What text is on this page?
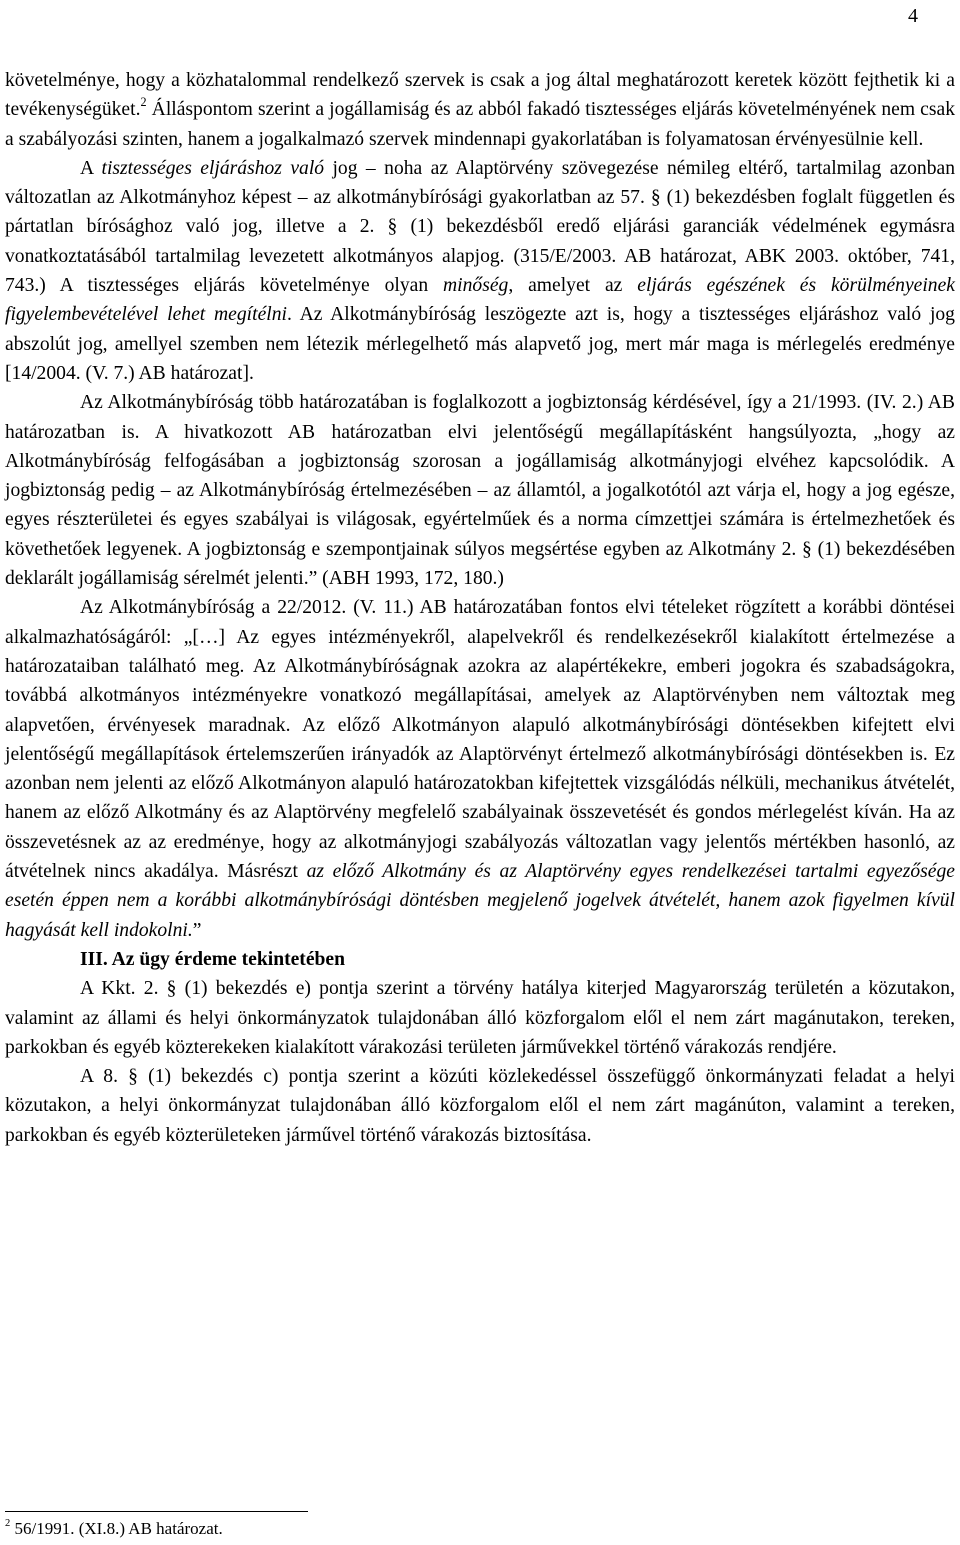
4

követelménye, hogy a közhatalommal rendelkező szervek is csak a jog által meghatározott keretek között fejthetik ki a tevékenységüket.$^2$ Álláspontom szerint a jogállamiság és az abból fakadó tisztességes eljárás követelményének nem csak a szabályozási szinten, hanem a jogalkalmazó szervek mindennapi gyakorlatában is folyamatosan érvényesülnie kell.

A tisztességes eljáráshoz való jog – noha az Alaptörvény szövegezése némileg eltérő, tartalmilag azonban változatlan az Alkotmányhoz képest – az alkotmánybírósági gyakorlatban az 57. § (1) bekezdésben foglalt független és pártatlan bírósághoz való jog, illetve a 2. § (1) bekezdésből eredő eljárási garanciák védelmének egymásra vonatkoztatásából tartalmilag levezetett alkotmányos alapjog. (315/E/2003. AB határozat, ABK 2003. október, 741, 743.) A tisztességes eljárás követelménye olyan minőség, amelyet az eljárás egészének és körülményeinek figyelembevételével lehet megítélni. Az Alkotmánybíróság leszögezte azt is, hogy a tisztességes eljáráshoz való jog abszolút jog, amellyel szemben nem létezik mérlegelhető más alapvető jog, mert már maga is mérlegelés eredménye [14/2004. (V. 7.) AB határozat].

Az Alkotmánybíróság több határozatában is foglalkozott a jogbiztonság kérdésével, így a 21/1993. (IV. 2.) AB határozatban is. A hivatkozott AB határozatban elvi jelentőségű megállapításként hangsúlyozta, „hogy az Alkotmánybíróság felfogásában a jogbiztonság szorosan a jogállamiság alkotmányjogi elvéhez kapcsolódik. A jogbiztonság pedig – az Alkotmánybíróság értelmezésében – az államtól, a jogalkotótól azt várja el, hogy a jog egésze, egyes részterületei és egyes szabályai is világosak, egyértelműek és a norma címzettjei számára is értelmezhetőek és követhetőek legyenek. A jogbiztonság e szempontjainak súlyos megsértése egyben az Alkotmány 2. § (1) bekezdésében deklarált jogállamiság sérelmét jelenti.” (ABH 1993, 172, 180.)

Az Alkotmánybíróság a 22/2012. (V. 11.) AB határozatában fontos elvi tételeket rögzített a korábbi döntései alkalmazhatóságáról: „[…] Az egyes intézményekről, alapelvekről és rendelkezésekről kialakított értelmezése a határozataiban található meg. Az Alkotmánybíróságnak azokra az alapértékekre, emberi jogokra és szabadságokra, továbbá alkotmányos intézményekre vonatkozó megállapításai, amelyek az Alaptörvényben nem változtak meg alapvetően, érvényesek maradnak. Az előző Alkotmányon alapuló alkotmánybírósági döntésekben kifejtett elvi jelentőségű megállapítások értelemszerűen irányadók az Alaptörvényt értelmező alkotmánybírósági döntésekben is. Ez azonban nem jelenti az előző Alkotmányon alapuló határozatokban kifejtettek vizsgálódás nélküli, mechanikus átvételét, hanem az előző Alkotmány és az Alaptörvény megfelelő szabályainak összevetését és gondos mérlegelést kíván. Ha az összevetésnek az az eredménye, hogy az alkotmányjogi szabályozás változatlan vagy jelentős mértékben hasonló, az átvételnek nincs akadálya. Másrészt az előző Alkotmány és az Alaptörvény egyes rendelkezései tartalmi egyezősége esetén éppen nem a korábbi alkotmánybírósági döntésben megjelenő jogelvek átvételét, hanem azok figyelmen kívül hagyását kell indokolni.”

III. Az ügy érdeme tekintetében

A Kkt. 2. § (1) bekezdés e) pontja szerint a törvény hatálya kiterjed Magyarország területén a közutakon, valamint az állami és helyi önkormányzatok tulajdonában álló közforgalom elől el nem zárt magánutakon, tereken, parkokban és egyéb közterekeken kialakított várakozási területen járművekkel történő várakozás rendjére.

A 8. § (1) bekezdés c) pontja szerint a közúti közlekedéssel összefüggő önkormányzati feladat a helyi közutakon, a helyi önkormányzat tulajdonában álló közforgalom elől el nem zárt magánúton, valamint a tereken, parkokban és egyéb közterületeken járművel történő várakozás biztosítása.

$^2$ 56/1991. (XI.8.) AB határozat.
